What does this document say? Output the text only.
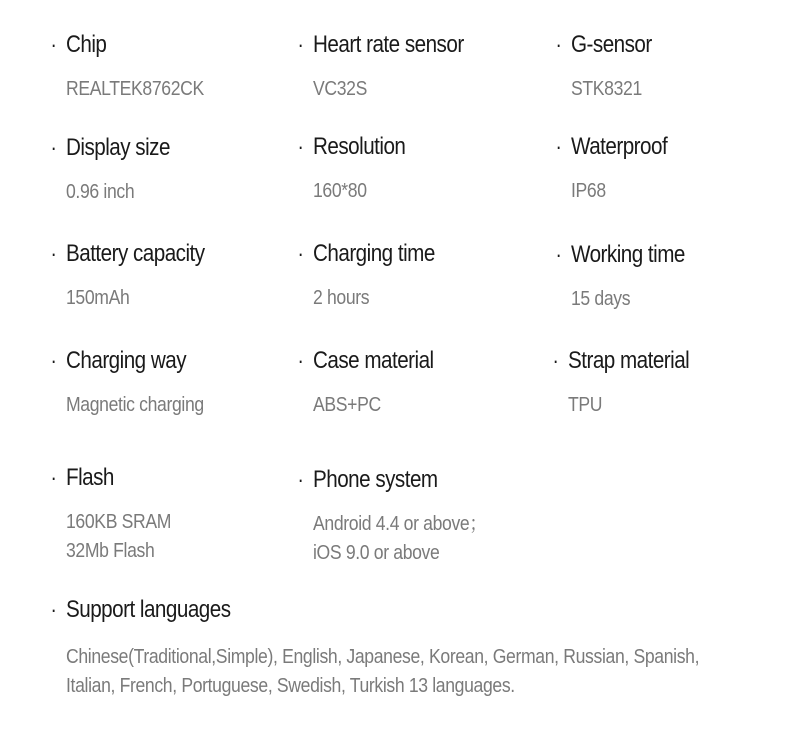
· Chip
REALTEK8762CK
· Heart rate sensor
VC32S
· G-sensor
STK8321
· Display size
0.96 inch
· Resolution
160*80
· Waterproof
IP68
· Battery capacity
150mAh
· Charging time
2 hours
· Working time
15 days
· Charging way
Magnetic charging
· Case material
ABS+PC
· Strap material
TPU
· Flash
160KB SRAM
32Mb Flash
· Phone system
Android 4.4 or above；
iOS 9.0 or above
· Support languages
Chinese(Traditional,Simple), English, Japanese, Korean, German, Russian, Spanish,
Italian, French, Portuguese, Swedish, Turkish 13 languages.
